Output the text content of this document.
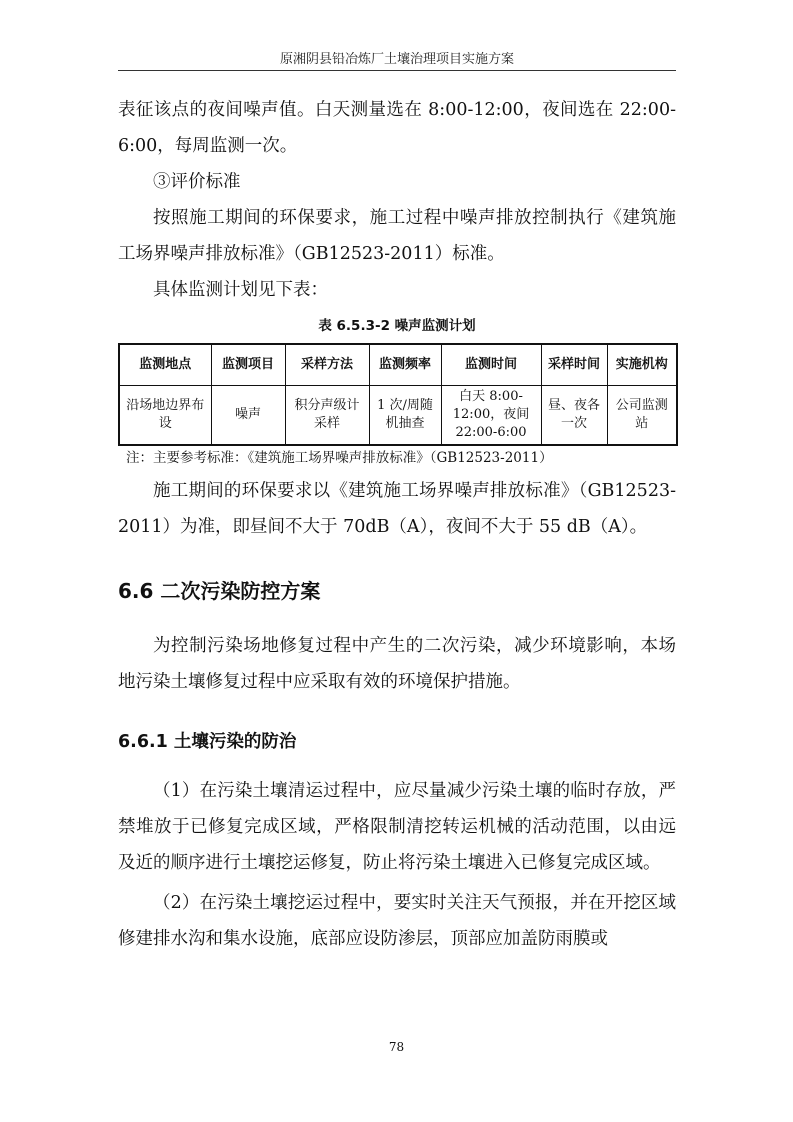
原湘阴县铅冶炼厂土壤治理项目实施方案

表征该点的夜间噪声值。白天测量选在 8:00-12:00，夜间选在 22:00-6:00，每周监测一次。

③评价标准

按照施工期间的环保要求，施工过程中噪声排放控制执行《建筑施工场界噪声排放标准》（GB12523-2011）标准。

具体监测计划见下表：

表 6.5.3-2 噪声监测计划
监测地点	监测项目	采样方法	监测频率	监测时间	采样时间	实施机构
沿场地边界布设	噪声	积分声级计采样	1 次/周随机抽查	白天 8:00-12:00，夜间 22:00-6:00	昼、夜各一次	公司监测站
注：主要参考标准：《建筑施工场界噪声排放标准》（GB12523-2011）

施工期间的环保要求以《建筑施工场界噪声排放标准》（GB12523-2011）为准，即昼间不大于 70dB（A），夜间不大于 55 dB（A）。

6.6 二次污染防控方案

为控制污染场地修复过程中产生的二次污染，减少环境影响，本场地污染土壤修复过程中应采取有效的环境保护措施。

6.6.1 土壤污染的防治

（1）在污染土壤清运过程中，应尽量减少污染土壤的临时存放，严禁堆放于已修复完成区域，严格限制清挖转运机械的活动范围，以由远及近的顺序进行土壤挖运修复，防止将污染土壤进入已修复完成区域。

（2）在污染土壤挖运过程中，要实时关注天气预报，并在开挖区域修建排水沟和集水设施，底部应设防渗层，顶部应加盖防雨膜或

78
